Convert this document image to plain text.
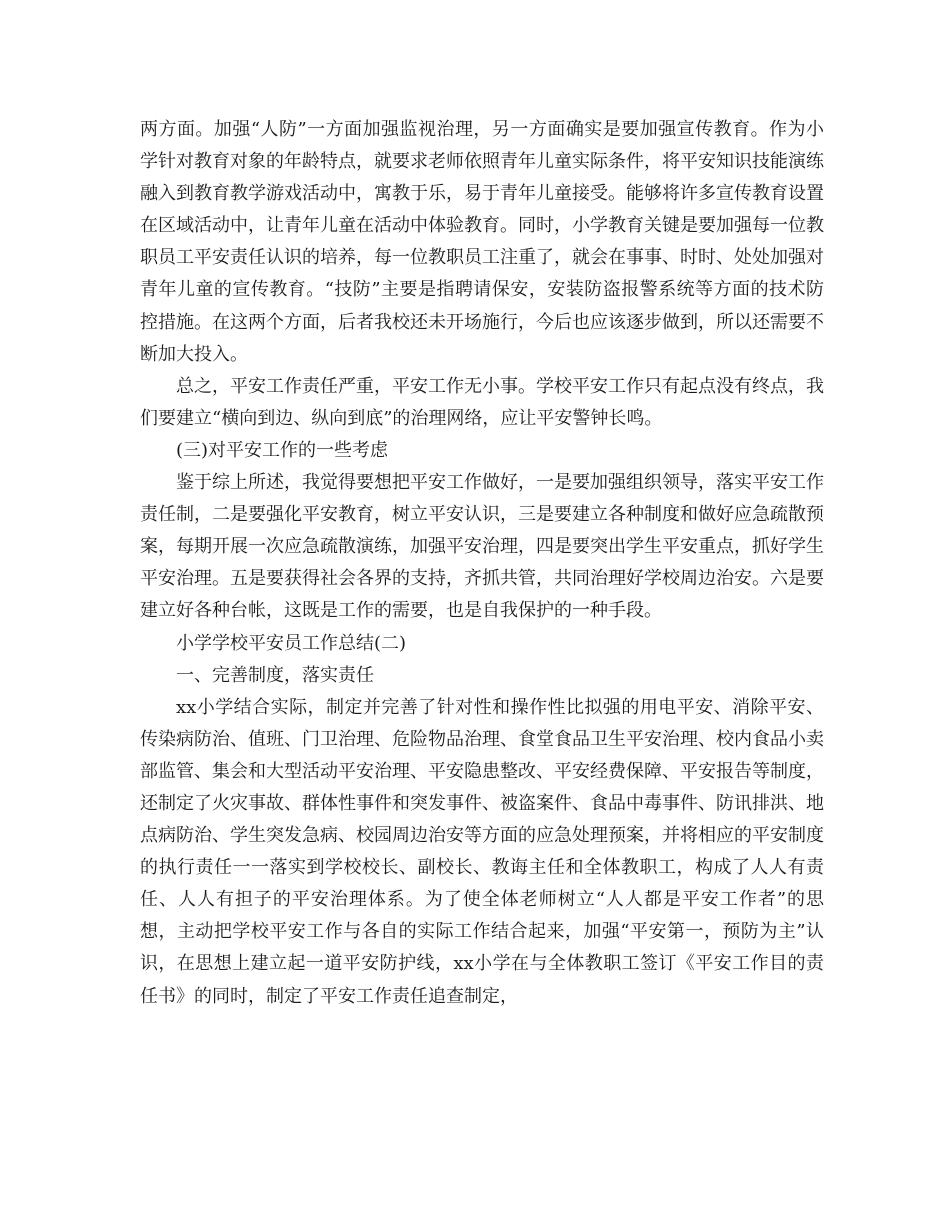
两方面。加强“人防”一方面加强监视治理，另一方面确实是要加强宣传教育。作为小学针对教育对象的年龄特点，就要求老师依照青年儿童实际条件，将平安知识技能演练融入到教育教学游戏活动中，寓教于乐，易于青年儿童接受。能够将许多宣传教育设置在区域活动中，让青年儿童在活动中体验教育。同时，小学教育关键是要加强每一位教职员工平安责任认识的培养，每一位教职员工注重了，就会在事事、时时、处处加强对青年儿童的宣传教育。“技防”主要是指聘请保安，安装防盗报警系统等方面的技术防控措施。在这两个方面，后者我校还未开场施行，今后也应该逐步做到，所以还需要不断加大投入。

总之，平安工作责任严重，平安工作无小事。学校平安工作只有起点没有终点，我们要建立“横向到边、纵向到底”的治理网络，应让平安警钟长鸣。

(三)对平安工作的一些考虑

鉴于综上所述，我觉得要想把平安工作做好，一是要加强组织领导，落实平安工作责任制，二是要强化平安教育，树立平安认识，三是要建立各种制度和做好应急疏散预案，每期开展一次应急疏散演练，加强平安治理，四是要突出学生平安重点，抓好学生平安治理。五是要获得社会各界的支持，齐抓共管，共同治理好学校周边治安。六是要建立好各种台帐，这既是工作的需要，也是自我保护的一种手段。

小学学校平安员工作总结(二)

一、完善制度，落实责任

xx小学结合实际，制定并完善了针对性和操作性比拟强的用电平安、消除平安、传染病防治、值班、门卫治理、危险物品治理、食堂食品卫生平安治理、校内食品小卖部监管、集会和大型活动平安治理、平安隐患整改、平安经费保障、平安报告等制度，还制定了火灾事故、群体性事件和突发事件、被盗案件、食品中毒事件、防讯排洪、地点病防治、学生突发急病、校园周边治安等方面的应急处理预案，并将相应的平安制度的执行责任一一落实到学校校长、副校长、教诲主任和全体教职工，构成了人人有责任、人人有担子的平安治理体系。为了使全体老师树立“人人都是平安工作者”的思想，主动把学校平安工作与各自的实际工作结合起来，加强“平安第一，预防为主”认识，在思想上建立起一道平安防护线，xx小学在与全体教职工签订《平安工作目的责任书》的同时，制定了平安工作责任追查制定，
